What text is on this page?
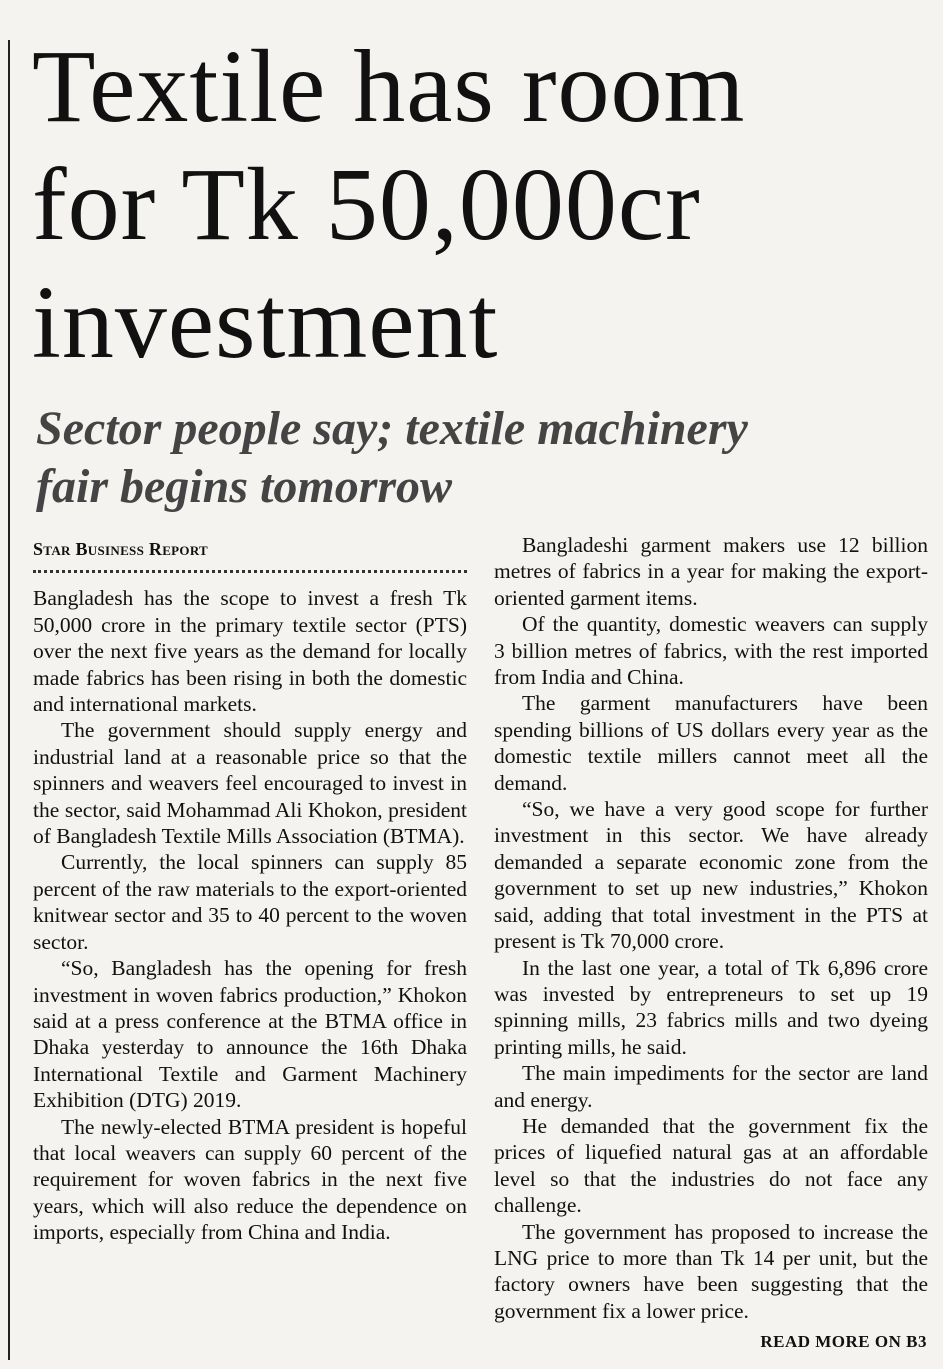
Textile has room
for Tk 50,000cr
investment
Sector people say; textile machinery
fair begins tomorrow
Star Business Report

Bangladesh has the scope to invest a fresh Tk 50,000 crore in the primary textile sector (PTS) over the next five years as the demand for locally made fabrics has been rising in both the domestic and international markets.

The government should supply energy and industrial land at a reasonable price so that the spinners and weavers feel encouraged to invest in the sector, said Mohammad Ali Khokon, president of Bangladesh Textile Mills Association (BTMA).

Currently, the local spinners can supply 85 percent of the raw materials to the export-oriented knitwear sector and 35 to 40 percent to the woven sector.

“So, Bangladesh has the opening for fresh investment in woven fabrics production,” Khokon said at a press conference at the BTMA office in Dhaka yesterday to announce the 16th Dhaka International Textile and Garment Machinery Exhibition (DTG) 2019.

The newly-elected BTMA president is hopeful that local weavers can supply 60 percent of the requirement for woven fabrics in the next five years, which will also reduce the dependence on imports, especially from China and India.

Bangladeshi garment makers use 12 billion metres of fabrics in a year for making the export-oriented garment items.

Of the quantity, domestic weavers can supply 3 billion metres of fabrics, with the rest imported from India and China.

The garment manufacturers have been spending billions of US dollars every year as the domestic textile millers cannot meet all the demand.

“So, we have a very good scope for further investment in this sector. We have already demanded a separate economic zone from the government to set up new industries,” Khokon said, adding that total investment in the PTS at present is Tk 70,000 crore.

In the last one year, a total of Tk 6,896 crore was invested by entrepreneurs to set up 19 spinning mills, 23 fabrics mills and two dyeing printing mills, he said.

The main impediments for the sector are land and energy.

He demanded that the government fix the prices of liquefied natural gas at an affordable level so that the industries do not face any challenge.

The government has proposed to increase the LNG price to more than Tk 14 per unit, but the factory owners have been suggesting that the government fix a lower price.

READ MORE ON B3
